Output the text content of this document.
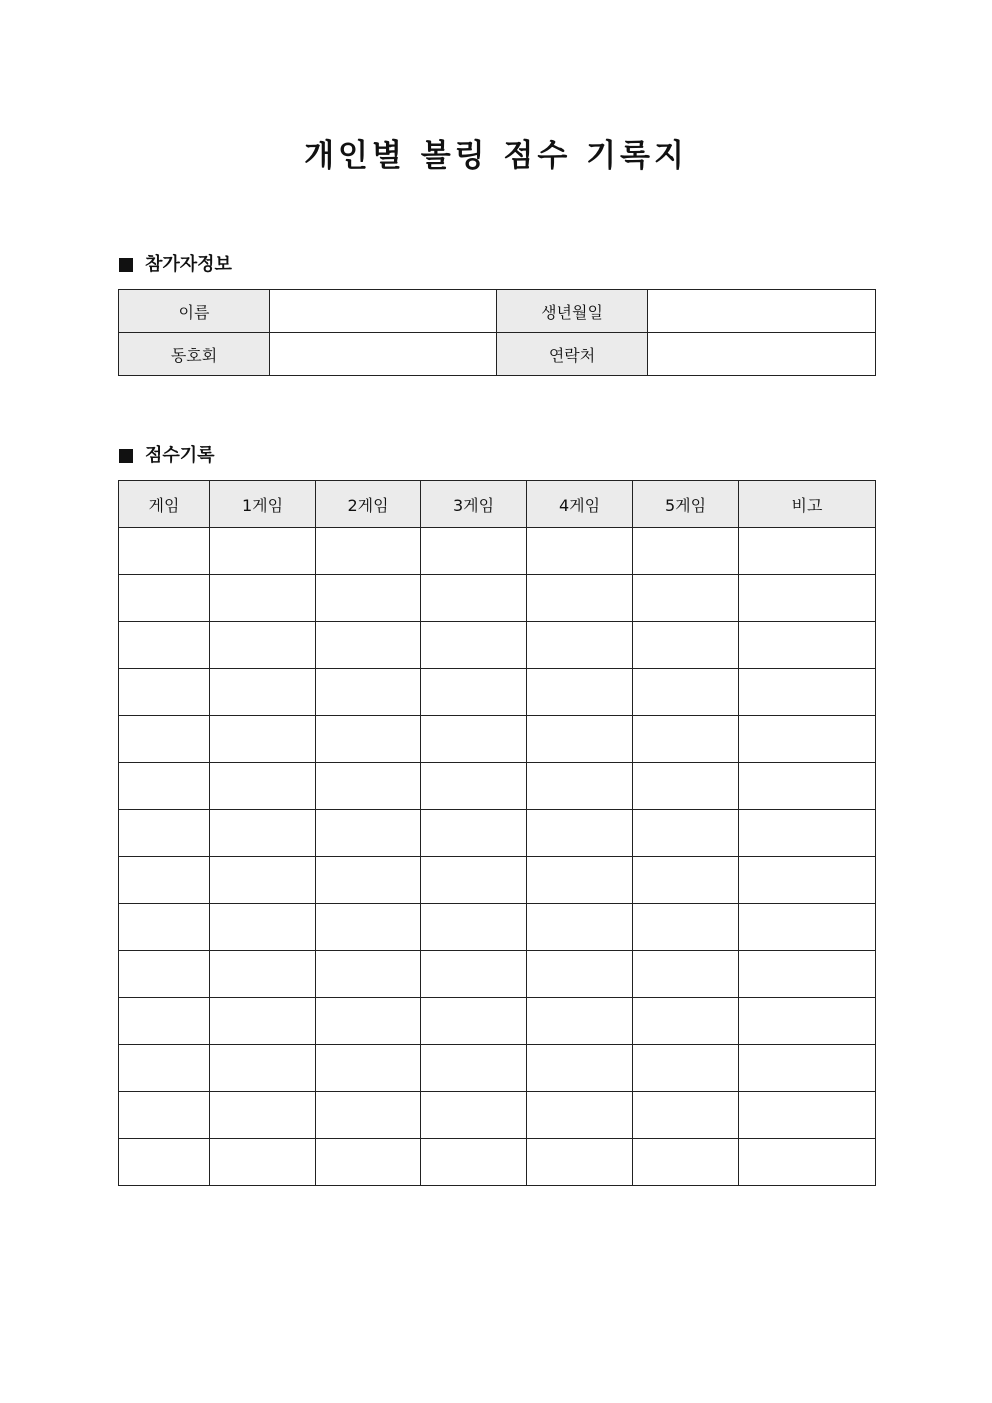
개인별 볼링 점수 기록지
참가자정보
이름		생년월일	
동호회		연락처	
점수기록
게임	1게임	2게임	3게임	4게임	5게임	비고
